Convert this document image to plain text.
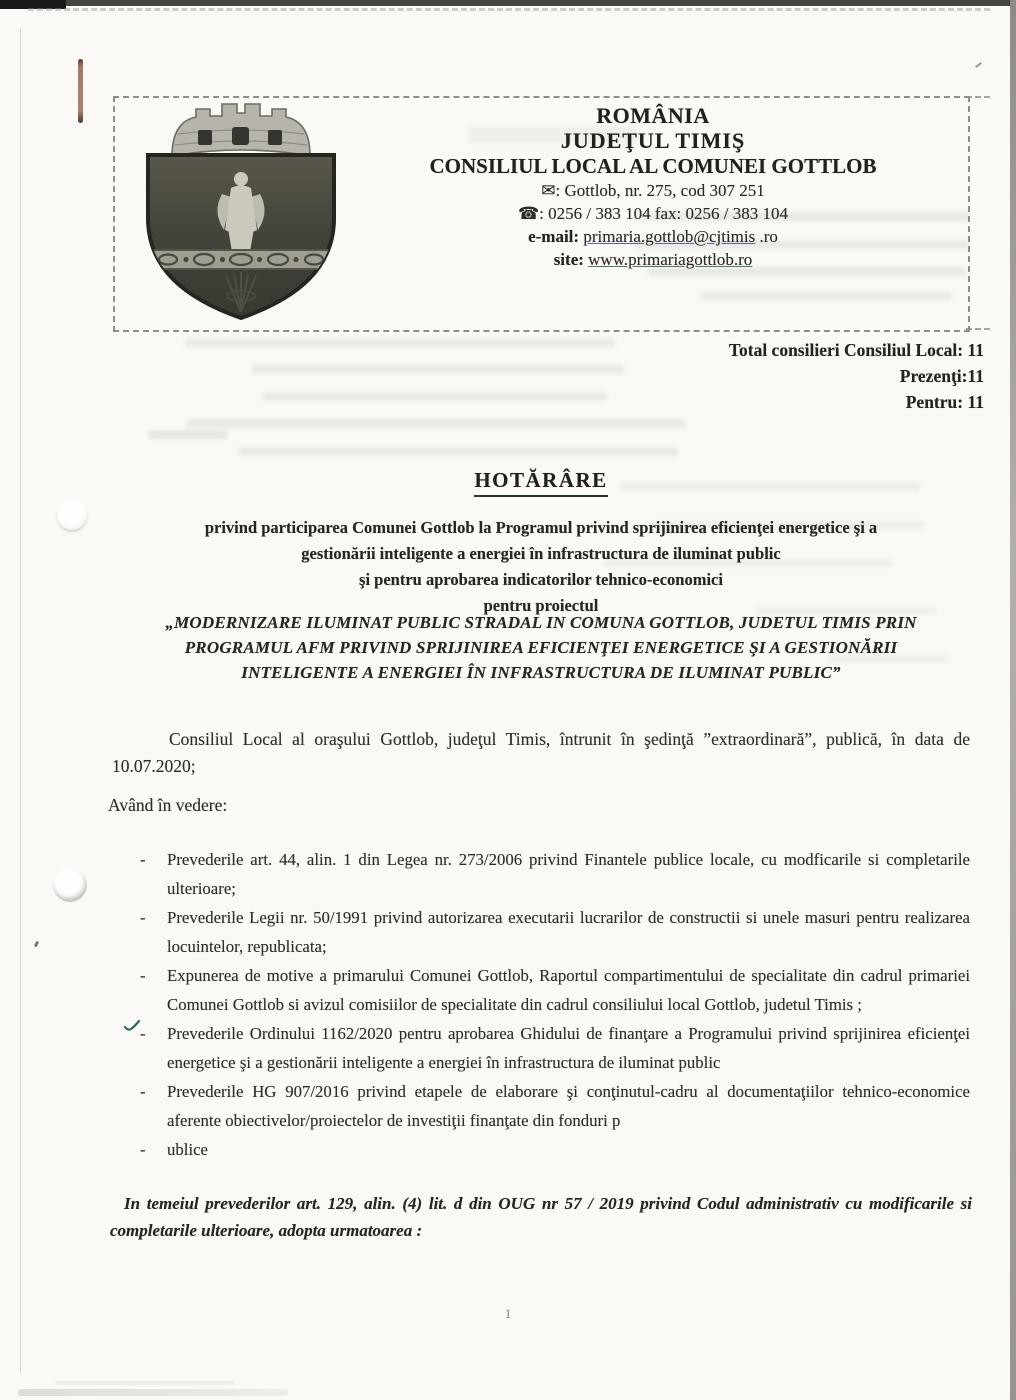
ROMÂNIA
JUDEŢUL TIMIŞ
CONSILIUL LOCAL AL COMUNEI GOTTLOB
✉: Gottlob, nr. 275, cod 307 251
☎: 0256 / 383 104 fax: 0256 / 383 104
e-mail: primaria.gottlob@cjtimis .ro
site: www.primariagottlob.ro
Total consilieri Consiliul Local: 11
Prezenţi:11
Pentru: 11
HOTĂRÂRE
privind participarea Comunei Gottlob la Programul privind sprijinirea eficienţei energetice şi a
gestionării inteligente a energiei în infrastructura de iluminat public
şi pentru aprobarea indicatorilor tehnico-economici
pentru proiectul
„MODERNIZARE ILUMINAT PUBLIC STRADAL IN COMUNA GOTTLOB, JUDETUL TIMIS PRIN
PROGRAMUL AFM PRIVIND SPRIJINIREA EFICIENŢEI ENERGETICE ŞI A GESTIONĂRII
INTELIGENTE A ENERGIEI ÎN INFRASTRUCTURA DE ILUMINAT PUBLIC”
Consiliul Local al oraşului Gottlob, judeţul Timis, întrunit în şedinţă ”extraordinară”, publică, în data de 10.07.2020;
Având în vedere:
-	Prevederile art. 44, alin. 1 din Legea nr. 273/2006 privind Finantele publice locale, cu modficarile si completarile ulterioare;
-	Prevederile Legii nr. 50/1991 privind autorizarea executarii lucrarilor de constructii si unele masuri pentru realizarea locuintelor, republicata;
-	Expunerea de motive a primarului Comunei Gottlob, Raportul compartimentului de specialitate din cadrul primariei Comunei Gottlob si avizul comisiilor de specialitate din cadrul consiliului local Gottlob, judetul Timis ;
-	Prevederile Ordinului 1162/2020 pentru aprobarea Ghidului de finanţare a Programului privind sprijinirea eficienţei energetice şi a gestionării inteligente a energiei în infrastructura de iluminat public
-	Prevederile HG 907/2016 privind etapele de elaborare şi conţinutul-cadru al documentaţiilor tehnico-economice aferente obiectivelor/proiectelor de investiţii finanţate din fonduri p
-	ublice
In temeiul prevederilor art. 129, alin. (4) lit. d din OUG nr 57 / 2019 privind Codul administrativ cu modificarile si completarile ulterioare, adopta urmatoarea :
1
